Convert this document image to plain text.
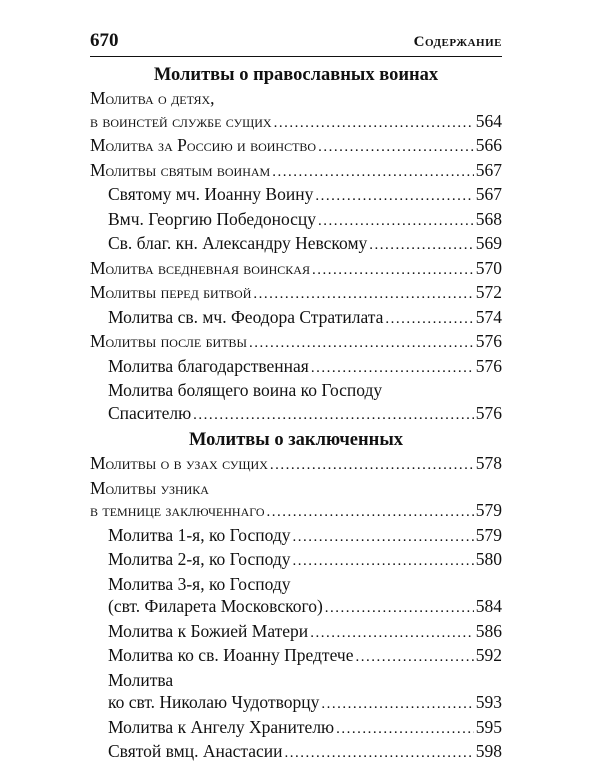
670	Содержание
Молитвы о православных воинах
Молитва о детях,
в воинстей службе сущих .....	564
Молитва за Россию и воинство .....	566
Молитвы святым воинам .....	567
Святому мч. Иоанну Воину .....	567
Вмч. Георгию Победоносцу .....	568
Св. благ. кн. Александру Невскому .....	569
Молитва вседневная воинская .....	570
Молитвы перед битвой .....	572
Молитва св. мч. Феодора Стратилата .....	574
Молитвы после битвы .....	576
Молитва благодарственная .....	576
Молитва болящего воина ко Господу
Спасителю .....	576
Молитвы о заключенных
Молитвы о в узах сущих .....	578
Молитвы узника
в темнице заключеннаго .....	579
Молитва 1-я, ко Господу .....	579
Молитва 2-я, ко Господу .....	580
Молитва 3-я, ко Господу
(свт. Филарета Московского) .....	584
Молитва к Божией Матери .....	586
Молитва ко св. Иоанну Предтече .....	592
Молитва
ко свт. Николаю Чудотворцу .....	593
Молитва к Ангелу Хранителю .....	595
Святой вмц. Анастасии .....	598
